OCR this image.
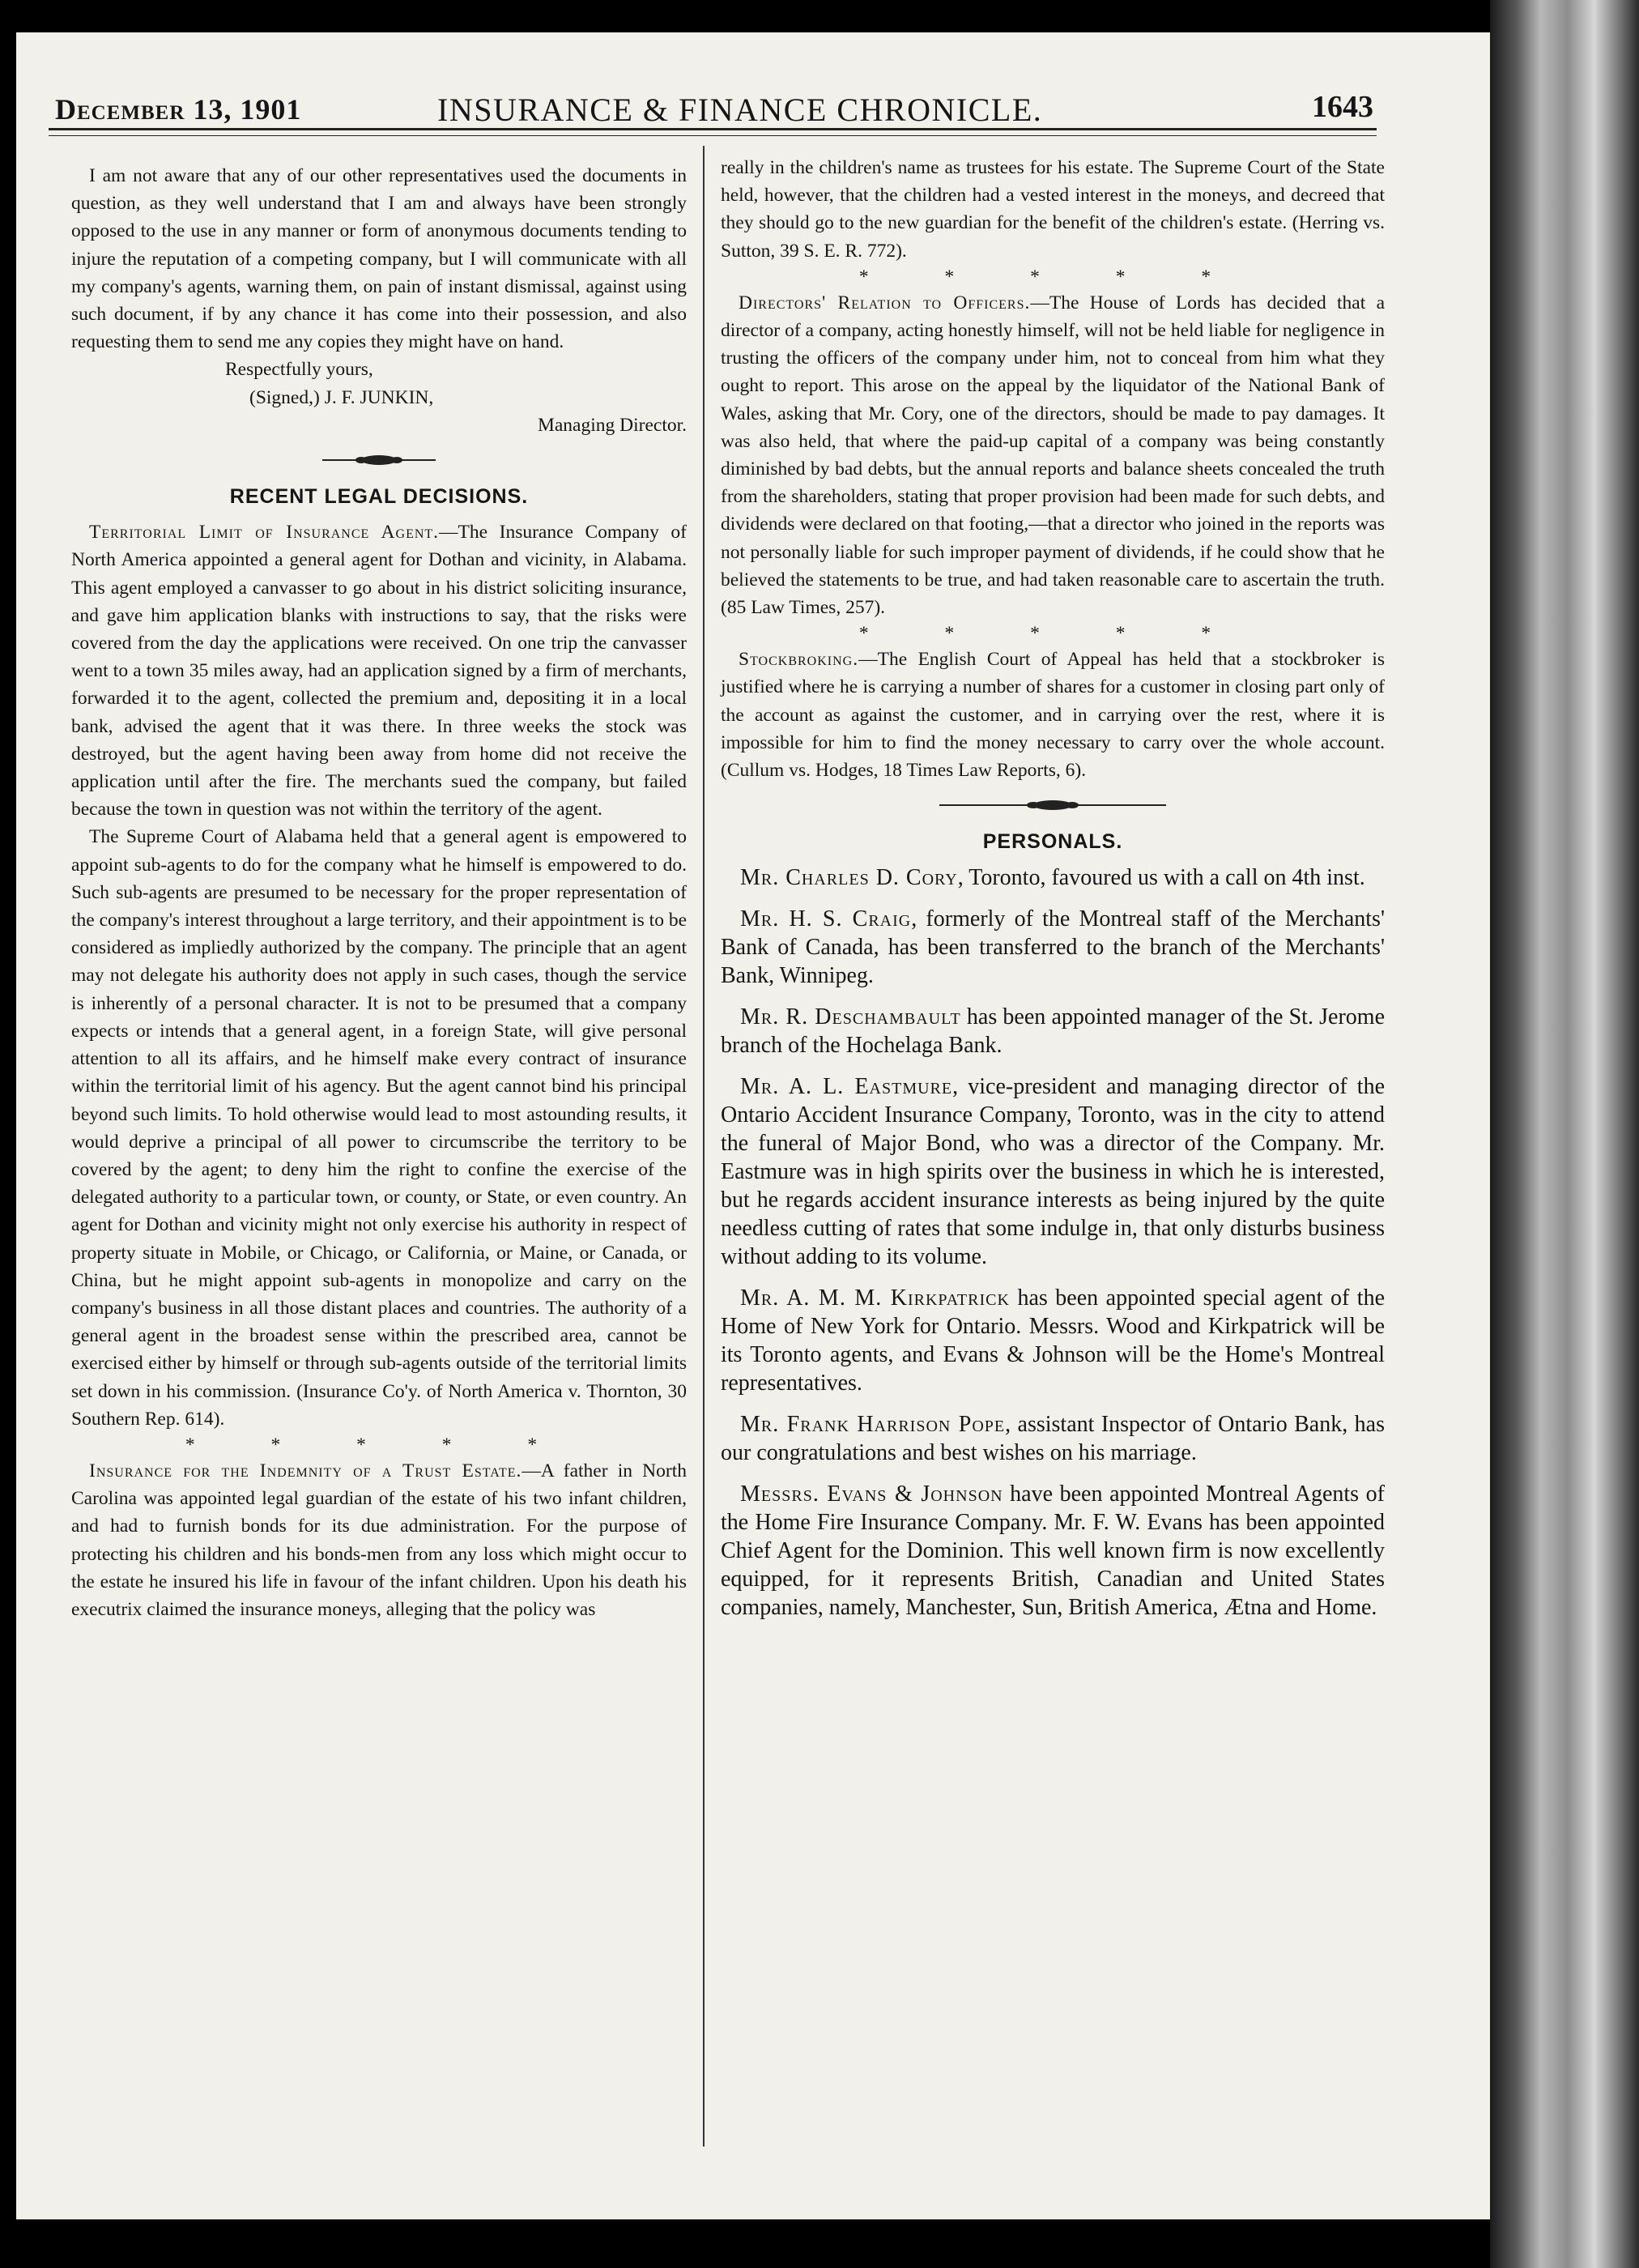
December 13, 1901	INSURANCE & FINANCE CHRONICLE.	1643

I am not aware that any of our other representatives used the documents in question, as they well understand that I am and always have been strongly opposed to the use in any manner or form of anonymous documents tending to injure the reputation of a competing company, but I will communicate with all my company's agents, warning them, on pain of instant dismissal, against using such document, if by any chance it has come into their possession, and also requesting them to send me any copies they might have on hand.

Respectfully yours,

(Signed,) J. F. JUNKIN,

Managing Director.

RECENT LEGAL DECISIONS.

Territorial Limit of Insurance Agent.—The Insurance Company of North America appointed a general agent for Dothan and vicinity, in Alabama. This agent employed a canvasser to go about in his district soliciting insurance, and gave him application blanks with instructions to say, that the risks were covered from the day the applications were received. On one trip the canvasser went to a town 35 miles away, had an application signed by a firm of merchants, forwarded it to the agent, collected the premium and, depositing it in a local bank, advised the agent that it was there. In three weeks the stock was destroyed, but the agent having been away from home did not receive the application until after the fire. The merchants sued the company, but failed because the town in question was not within the territory of the agent.

The Supreme Court of Alabama held that a general agent is empowered to appoint sub-agents to do for the company what he himself is empowered to do. Such sub-agents are presumed to be necessary for the proper representation of the company's interest throughout a large territory, and their appointment is to be considered as impliedly authorized by the company. The principle that an agent may not delegate his authority does not apply in such cases, though the service is inherently of a personal character. It is not to be presumed that a company expects or intends that a general agent, in a foreign State, will give personal attention to all its affairs, and he himself make every contract of insurance within the territorial limit of his agency. But the agent cannot bind his principal beyond such limits. To hold otherwise would lead to most astounding results, it would deprive a principal of all power to circumscribe the territory to be covered by the agent; to deny him the right to confine the exercise of the delegated authority to a particular town, or county, or State, or even country. An agent for Dothan and vicinity might not only exercise his authority in respect of property situate in Mobile, or Chicago, or California, or Maine, or Canada, or China, but he might appoint sub-agents in monopolize and carry on the company's business in all those distant places and countries. The authority of a general agent in the broadest sense within the prescribed area, cannot be exercised either by himself or through sub-agents outside of the territorial limits set down in his commission. (Insurance Co'y. of North America v. Thornton, 30 Southern Rep. 614).

* * * * *

Insurance for the Indemnity of a Trust Estate.—A father in North Carolina was appointed legal guardian of the estate of his two infant children, and had to furnish bonds for its due administration. For the purpose of protecting his children and his bonds-men from any loss which might occur to the estate he insured his life in favour of the infant children. Upon his death his executrix claimed the insurance moneys, alleging that the policy was

really in the children's name as trustees for his estate. The Supreme Court of the State held, however, that the children had a vested interest in the moneys, and decreed that they should go to the new guardian for the benefit of the children's estate. (Herring vs. Sutton, 39 S. E. R. 772).

* * * * *

Directors' Relation to Officers.—The House of Lords has decided that a director of a company, acting honestly himself, will not be held liable for negligence in trusting the officers of the company under him, not to conceal from him what they ought to report. This arose on the appeal by the liquidator of the National Bank of Wales, asking that Mr. Cory, one of the directors, should be made to pay damages. It was also held, that where the paid-up capital of a company was being constantly diminished by bad debts, but the annual reports and balance sheets concealed the truth from the shareholders, stating that proper provision had been made for such debts, and dividends were declared on that footing,—that a director who joined in the reports was not personally liable for such improper payment of dividends, if he could show that he believed the statements to be true, and had taken reasonable care to ascertain the truth. (85 Law Times, 257).

* * * * *

Stockbroking.—The English Court of Appeal has held that a stockbroker is justified where he is carrying a number of shares for a customer in closing part only of the account as against the customer, and in carrying over the rest, where it is impossible for him to find the money necessary to carry over the whole account. (Cullum vs. Hodges, 18 Times Law Reports, 6).

PERSONALS.

Mr. Charles D. Cory, Toronto, favoured us with a call on 4th inst.

Mr. H. S. Craig, formerly of the Montreal staff of the Merchants' Bank of Canada, has been transferred to the branch of the Merchants' Bank, Winnipeg.

Mr. R. Deschambault has been appointed manager of the St. Jerome branch of the Hochelaga Bank.

Mr. A. L. Eastmure, vice-president and managing director of the Ontario Accident Insurance Company, Toronto, was in the city to attend the funeral of Major Bond, who was a director of the Company. Mr. Eastmure was in high spirits over the business in which he is interested, but he regards accident insurance interests as being injured by the quite needless cutting of rates that some indulge in, that only disturbs business without adding to its volume.

Mr. A. M. M. Kirkpatrick has been appointed special agent of the Home of New York for Ontario. Messrs. Wood and Kirkpatrick will be its Toronto agents, and Evans & Johnson will be the Home's Montreal representatives.

Mr. Frank Harrison Pope, assistant Inspector of Ontario Bank, has our congratulations and best wishes on his marriage.

Messrs. Evans & Johnson have been appointed Montreal Agents of the Home Fire Insurance Company. Mr. F. W. Evans has been appointed Chief Agent for the Dominion. This well known firm is now excellently equipped, for it represents British, Canadian and United States companies, namely, Manchester, Sun, British America, Ætna and Home.
